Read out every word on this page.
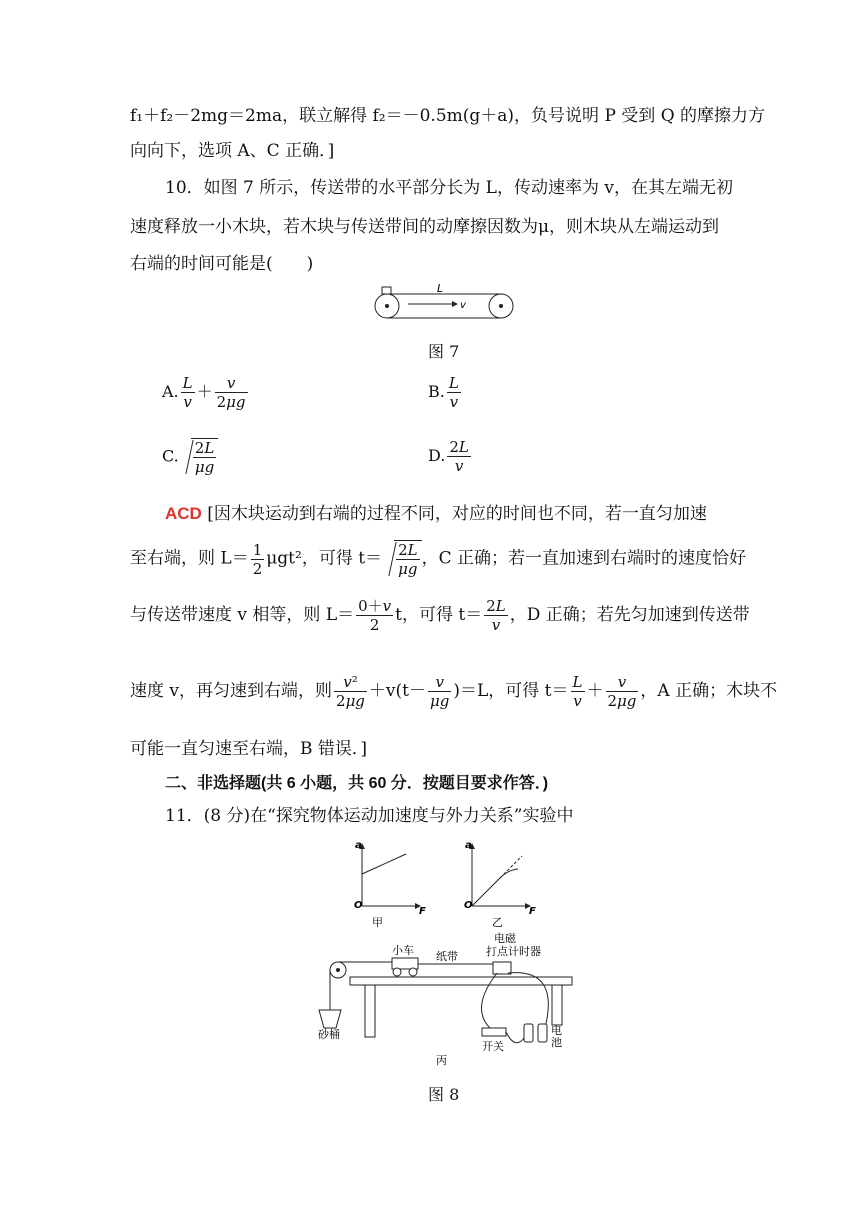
f₁＋f₂－2mg＝2ma，联立解得 f₂＝－0.5m(g＋a)，负号说明 P 受到 Q 的摩擦力方
向向下，选项 A、C 正确．]
10．如图 7 所示，传送带的水平部分长为 L，传动速率为 v，在其左端无初
速度释放一小木块，若木块与传送带间的动摩擦因数为μ，则木块从左端运动到
右端的时间可能是(　　)
L
v
图 7
A. $\frac{L}{v} + \frac{v}{2\mu g}$	B. $\frac{L}{v}$
C. $\frac{2L}{\mu g}$	D. $\frac{2L}{v}$
ACD [因木块运动到右端的过程不同，对应的时间也不同，若一直匀加速
至右端，则 $L= \frac{1}{2} \mu gt^2$，可得 $t= \frac{2L}{\mu g}$ ，C 正确；若一直加速到右端时的速度恰好
与传送带速度 v 相等，则 $L= \frac{0+v}{2}$ t，可得 $t= \frac{2L}{v}$ ，D 正确；若先匀加速到传送带
速度 v，再匀速到右端，则 $\frac{\text{v²}}{2\mu g} +v(t- \frac{v}{\mu g} )=L$，可得 $t= \frac{L}{v} + \frac{v}{2\mu g}$ ，A 正确；木块不
可能一直匀速至右端，B 错误．]
二、非选择题(共 6 小题，共 60 分．按题目要求作答．)
11．(8 分)在“探究物体运动加速度与外力关系”实验中
a
O
F
甲
a
O
F
乙
小车 纸带
电磁
打点计时器
砂桶
开关
电
池
丙
图 8
